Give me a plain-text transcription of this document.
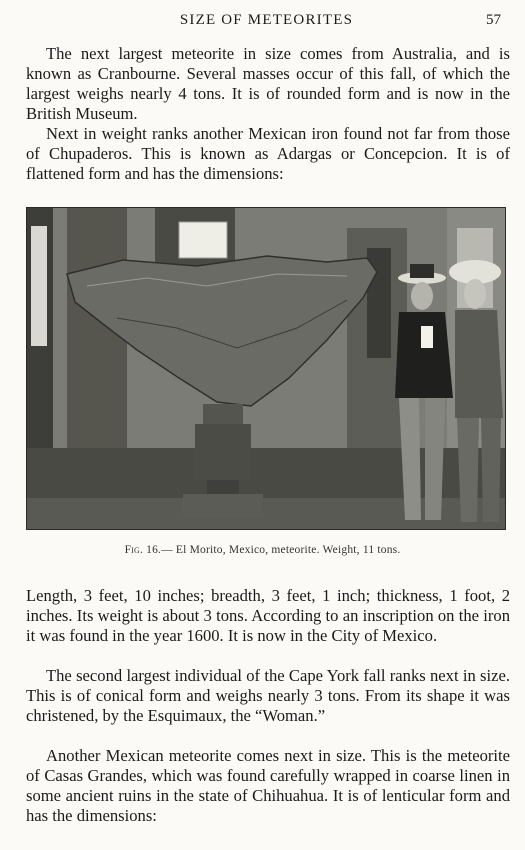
SIZE OF METEORITES	57

The next largest meteorite in size comes from Australia, and is known as Cranbourne. Several masses occur of this fall, of which the largest weighs nearly 4 tons. It is of rounded form and is now in the British Museum.

Next in weight ranks another Mexican iron found not far from those of Chupaderos. This is known as Adargas or Concepcion. It is of flattened form and has the dimensions:

Fig. 16.— El Morito, Mexico, meteorite. Weight, 11 tons.

Length, 3 feet, 10 inches; breadth, 3 feet, 1 inch; thickness, 1 foot, 2 inches. Its weight is about 3 tons. According to an inscription on the iron it was found in the year 1600. It is now in the City of Mexico.

The second largest individual of the Cape York fall ranks next in size. This is of conical form and weighs nearly 3 tons. From its shape it was christened, by the Esquimaux, the “Woman.”

Another Mexican meteorite comes next in size. This is the meteorite of Casas Grandes, which was found carefully wrapped in coarse linen in some ancient ruins in the state of Chihuahua. It is of lenticular form and has the dimensions:
